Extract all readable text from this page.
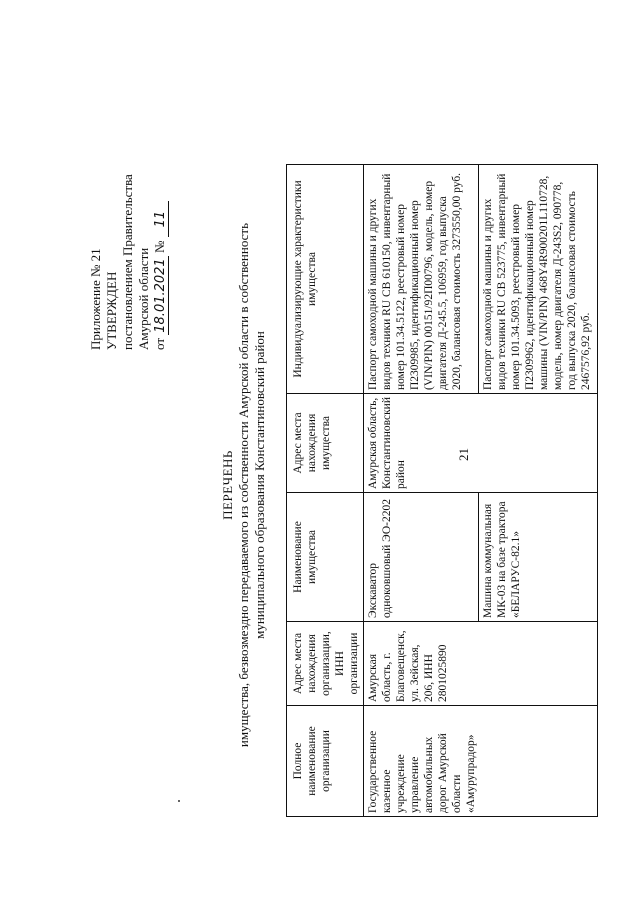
21
Приложение № 21 УТВЕРЖДЕН постановлением Правительства Амурской области от 18.01.2021 № 11
ПЕРЕЧЕНЬ имущества, безвозмездно передаваемого из собственности Амурской области в собственность муниципального образования Константиновский район
Полное наименование организации	Адрес места нахождения организации, ИНН организации	Наименование имущества	Адрес места нахождения имущества	Индивидуализирующие характеристики имущества
Государственное казенное учреждение управление автомобильных дорог Амурской области «Амурупрадор»	Амурская область, г. Благовещенск, ул. Зейская, 206, ИНН 2801025890	Экскаватор одноковшовый ЭО-2202	Амурская область, Константиновский район	Паспорт самоходной машины и других видов техники RU CB 610150, инвентарный номер 101.34.5122, реестровый номер П2309985, идентификационный номер (VIN/PIN) 00151/92П00796, модель, номер двигателя Д-245.5, 106959, год выпуска 2020, балансовая стоимость 3273550,00 руб.
		Машина коммунальная МК-03 на базе трактора «БЕЛАРУС-82.1»		Паспорт самоходной машины и других видов техники RU CB 523775, инвентарный номер 101.34.5093, реестровый номер П2309962, идентификационный номер машины (VIN/PIN) 468Y4R900201L110728, модель, номер двигателя Д-243S2, 090778, год выпуска 2020, балансовая стоимость 2467576,92 руб.
